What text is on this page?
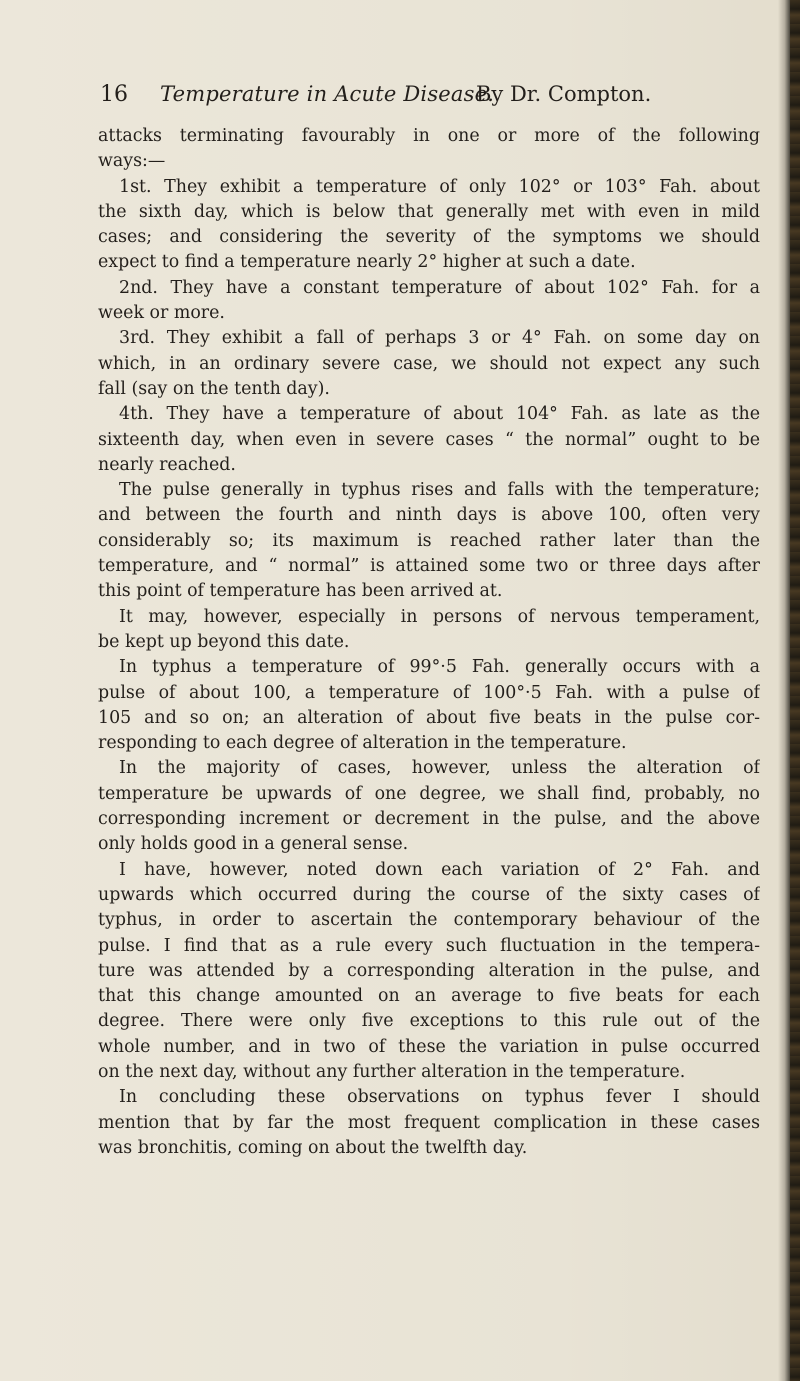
16 Temperature in Acute Disease.
By Dr. Compton.
attacks terminating favourably in one or more of the following
ways:—
1st. They exhibit a temperature of only 102° or 103° Fah. about
the sixth day, which is below that generally met with even in mild
cases; and considering the severity of the symptoms we should
expect to find a temperature nearly 2° higher at such a date.
2nd. They have a constant temperature of about 102° Fah. for a
week or more.
3rd. They exhibit a fall of perhaps 3 or 4° Fah. on some day on
which, in an ordinary severe case, we should not expect any such
fall (say on the tenth day).
4th. They have a temperature of about 104° Fah. as late as the
sixteenth day, when even in severe cases “ the normal” ought to be
nearly reached.
The pulse generally in typhus rises and falls with the temperature;
and between the fourth and ninth days is above 100, often very
considerably so; its maximum is reached rather later than the
temperature, and “ normal” is attained some two or three days after
this point of temperature has been arrived at.
It may, however, especially in persons of nervous temperament,
be kept up beyond this date.
In typhus a temperature of 99°·5 Fah. generally occurs with a
pulse of about 100, a temperature of 100°·5 Fah. with a pulse of
105 and so on; an alteration of about five beats in the pulse cor-
responding to each degree of alteration in the temperature.
In the majority of cases, however, unless the alteration of
temperature be upwards of one degree, we shall find, probably, no
corresponding increment or decrement in the pulse, and the above
only holds good in a general sense.
I have, however, noted down each variation of 2° Fah. and
upwards which occurred during the course of the sixty cases of
typhus, in order to ascertain the contemporary behaviour of the
pulse. I find that as a rule every such fluctuation in the tempera-
ture was attended by a corresponding alteration in the pulse, and
that this change amounted on an average to five beats for each
degree. There were only five exceptions to this rule out of the
whole number, and in two of these the variation in pulse occurred
on the next day, without any further alteration in the temperature.
In concluding these observations on typhus fever I should
mention that by far the most frequent complication in these cases
was bronchitis, coming on about the twelfth day.
